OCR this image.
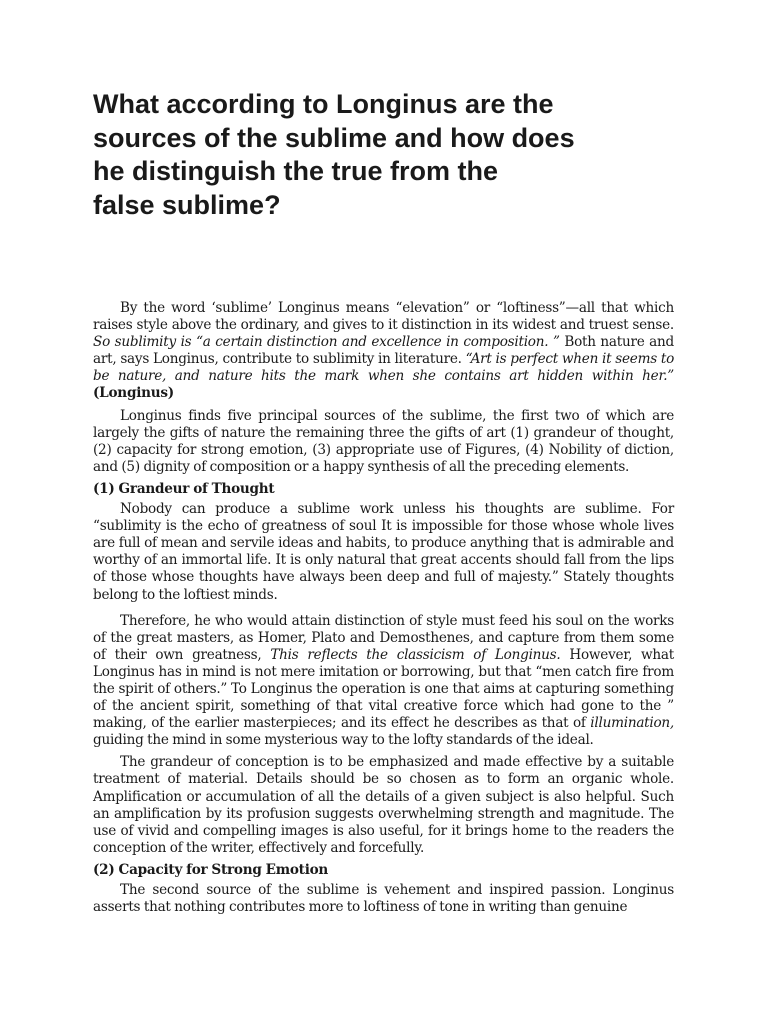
What according to Longinus are the
sources of the sublime and how does
he distinguish the true from the
false sublime?

By the word ‘sublime’ Longinus means “elevation” or “loftiness”—all that which raises style above the ordinary, and gives to it distinction in its widest and truest sense. So sublimity is “a certain distinction and excellence in composition. ” Both nature and art, says Longinus, contribute to sublimity in literature. “Art is perfect when it seems to be nature, and nature hits the mark when she contains art hidden within her.” (Longinus)

Longinus finds five principal sources of the sublime, the first two of which are largely the gifts of nature the remaining three the gifts of art (1) grandeur of thought, (2) capacity for strong emotion, (3) appropriate use of Figures, (4) Nobility of diction, and (5) dignity of composition or a happy synthesis of all the preceding elements.

(1) Grandeur of Thought

Nobody can produce a sublime work unless his thoughts are sublime. For “sublimity is the echo of greatness of soul It is impossible for those whose whole lives are full of mean and servile ideas and habits, to produce anything that is admirable and worthy of an immortal life. It is only natural that great accents should fall from the lips of those whose thoughts have always been deep and full of majesty.” Stately thoughts belong to the loftiest minds.

Therefore, he who would attain distinction of style must feed his soul on the works of the great masters, as Homer, Plato and Demosthenes, and capture from them some of their own greatness, This reflects the classicism of Longinus. However, what Longinus has in mind is not mere imitation or borrowing, but that “men catch fire from the spirit of others.” To Longinus the operation is one that aims at capturing something of the ancient spirit, something of that vital creative force which had gone to the ” making, of the earlier masterpieces; and its effect he describes as that of illumination, guiding the mind in some mysterious way to the lofty standards of the ideal.

The grandeur of conception is to be emphasized and made effective by a suitable treatment of material. Details should be so chosen as to form an organic whole. Amplification or accumulation of all the details of a given subject is also helpful. Such an amplification by its profusion suggests overwhelming strength and magnitude. The use of vivid and compelling images is also useful, for it brings home to the readers the conception of the writer, effectively and forcefully.

(2) Capacity for Strong Emotion

The second source of the sublime is vehement and inspired passion. Longinus asserts that nothing contributes more to loftiness of tone in writing than genuine
